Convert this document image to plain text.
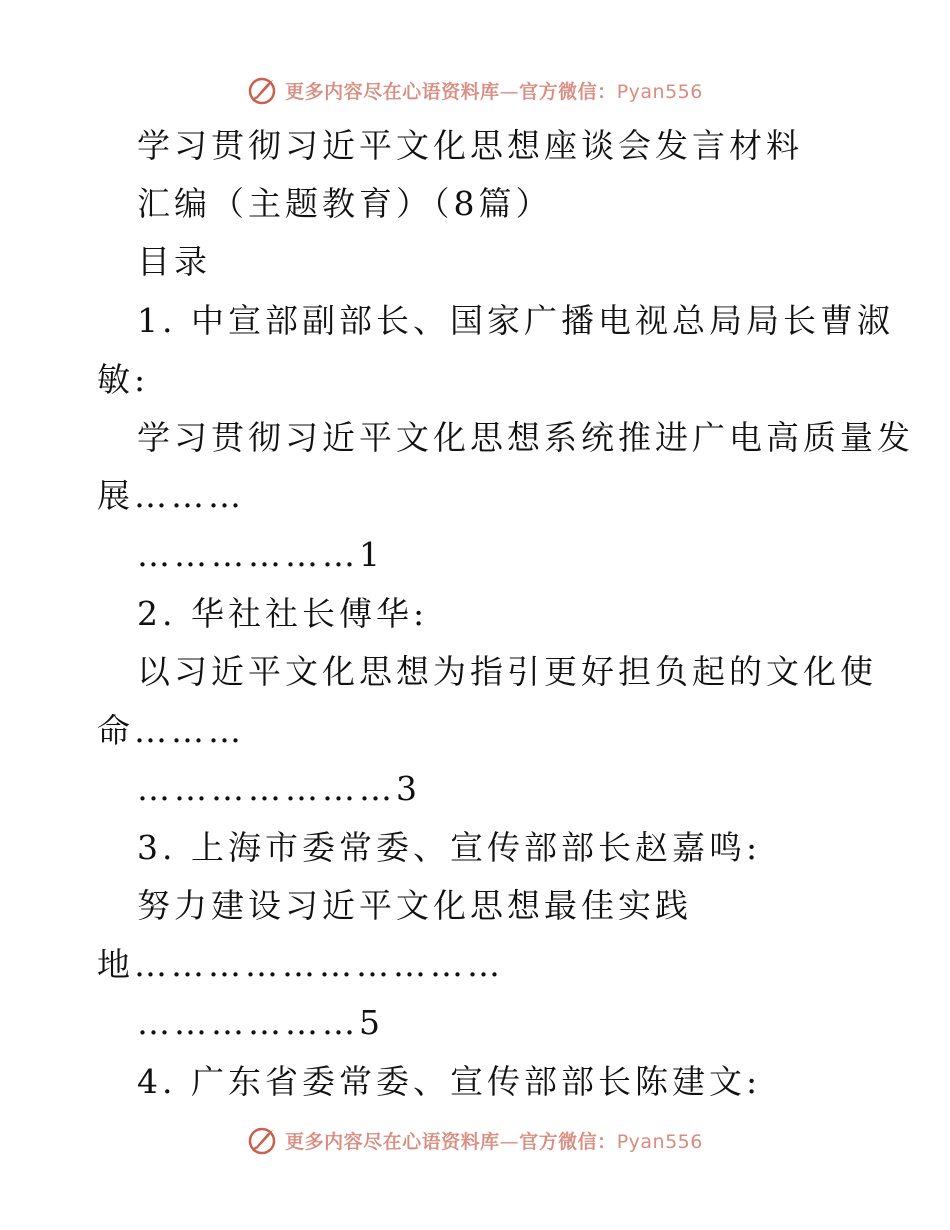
更多内容尽在心语资料库—官方微信：Pyan556
学习贯彻习近平文化思想座谈会发言材料
汇编（主题教育）（8篇）
目录
1. 中宣部副部长、国家广播电视总局局长曹淑
敏:
学习贯彻习近平文化思想系统推进广电高质量发
展………
………………1
2. 华社社长傅华:
以习近平文化思想为指引更好担负起的文化使
命………
…………………3
3. 上海市委常委、宣传部部长赵嘉鸣:
努力建设习近平文化思想最佳实践
地…………………………
………………5
4. 广东省委常委、宣传部部长陈建文:
更多内容尽在心语资料库—官方微信：Pyan556
